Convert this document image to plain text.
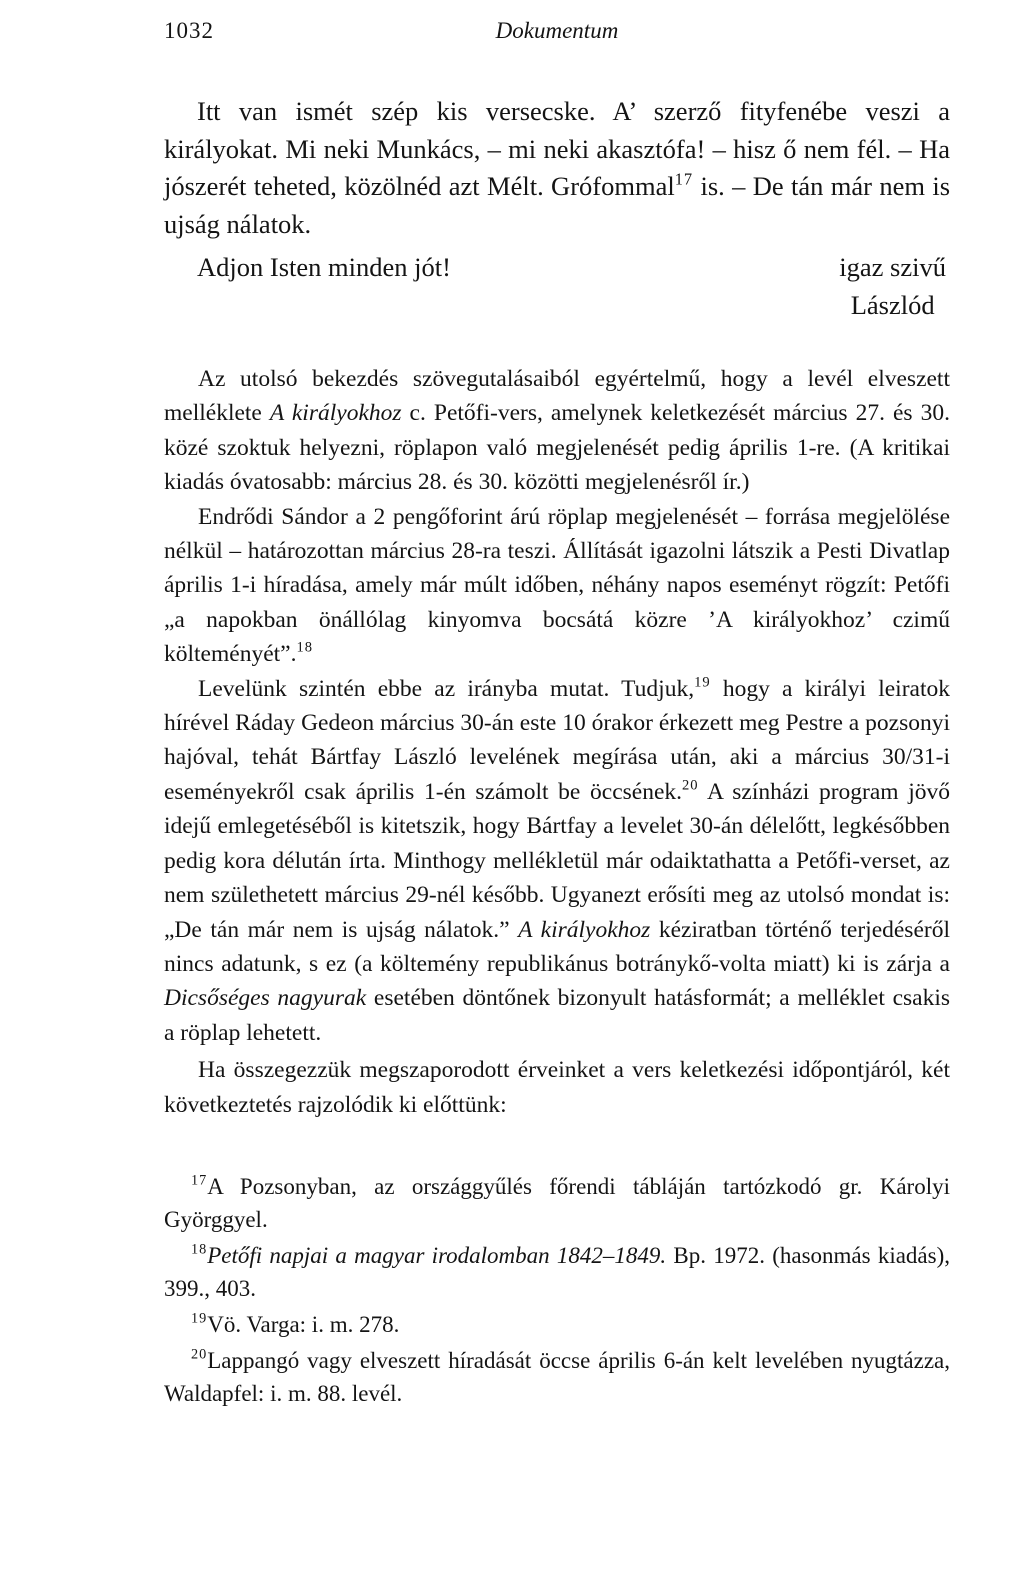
1032	Dokumentum

Itt van ismét szép kis versecske. A’ szerző fityfenébe veszi a királyokat. Mi neki Munkács, – mi neki akasztófa! – hisz ő nem fél. – Ha jószerét teheted, közölnéd azt Mélt. Grófommal$^{17}$ is. – De tán már nem is ujság nálatok.

Adjon Isten minden jót!	igaz szivű
Lászlód

Az utolsó bekezdés szövegutalásaiból egyértelmű, hogy a levél elveszett melléklete A királyokhoz c. Petőfi-vers, amelynek keletkezését március 27. és 30. közé szoktuk helyezni, röplapon való megjelenését pedig április 1-re. (A kritikai kiadás óvatosabb: március 28. és 30. közötti megjelenésről ír.)

Endrődi Sándor a 2 pengőforint árú röplap megjelenését – forrása megjelölése nélkül – határozottan március 28-ra teszi. Állítását igazolni látszik a Pesti Divatlap április 1-i híradása, amely már múlt időben, néhány napos eseményt rögzít: Petőfi „a napokban önállólag kinyomva bocsátá közre ’A királyokhoz’ czimű költeményét”.$^{18}$

Levelünk szintén ebbe az irányba mutat. Tudjuk,$^{19}$ hogy a királyi leiratok hírével Ráday Gedeon március 30-án este 10 órakor érkezett meg Pestre a pozsonyi hajóval, tehát Bártfay László levelének megírása után, aki a március 30/31-i eseményekről csak április 1-én számolt be öccsének.$^{20}$ A színházi program jövő idejű emlegetéséből is kitetszik, hogy Bártfay a levelet 30-án délelőtt, legkésőbben pedig kora délután írta. Minthogy mellékletül már odaiktathatta a Petőfi-verset, az nem születhetett március 29-nél később. Ugyanezt erősíti meg az utolsó mondat is: „De tán már nem is ujság nálatok.” A királyokhoz kéziratban történő terjedéséről nincs adatunk, s ez (a költemény republikánus botránykő-volta miatt) ki is zárja a Dicsőséges nagyurak esetében döntőnek bizonyult hatásformát; a melléklet csakis a röplap lehetett.

Ha összegezzük megszaporodott érveinket a vers keletkezési időpontjáról, két következtetés rajzolódik ki előttünk:

$^{17}$A Pozsonyban, az országgyűlés főrendi tábláján tartózkodó gr. Károlyi Györggyel.

$^{18}$Petőfi napjai a magyar irodalomban 1842–1849. Bp. 1972. (hasonmás kiadás), 399., 403.

$^{19}$Vö. Varga: i. m. 278.

$^{20}$Lappangó vagy elveszett híradását öccse április 6-án kelt levelében nyugtázza, Waldapfel: i. m. 88. levél.
